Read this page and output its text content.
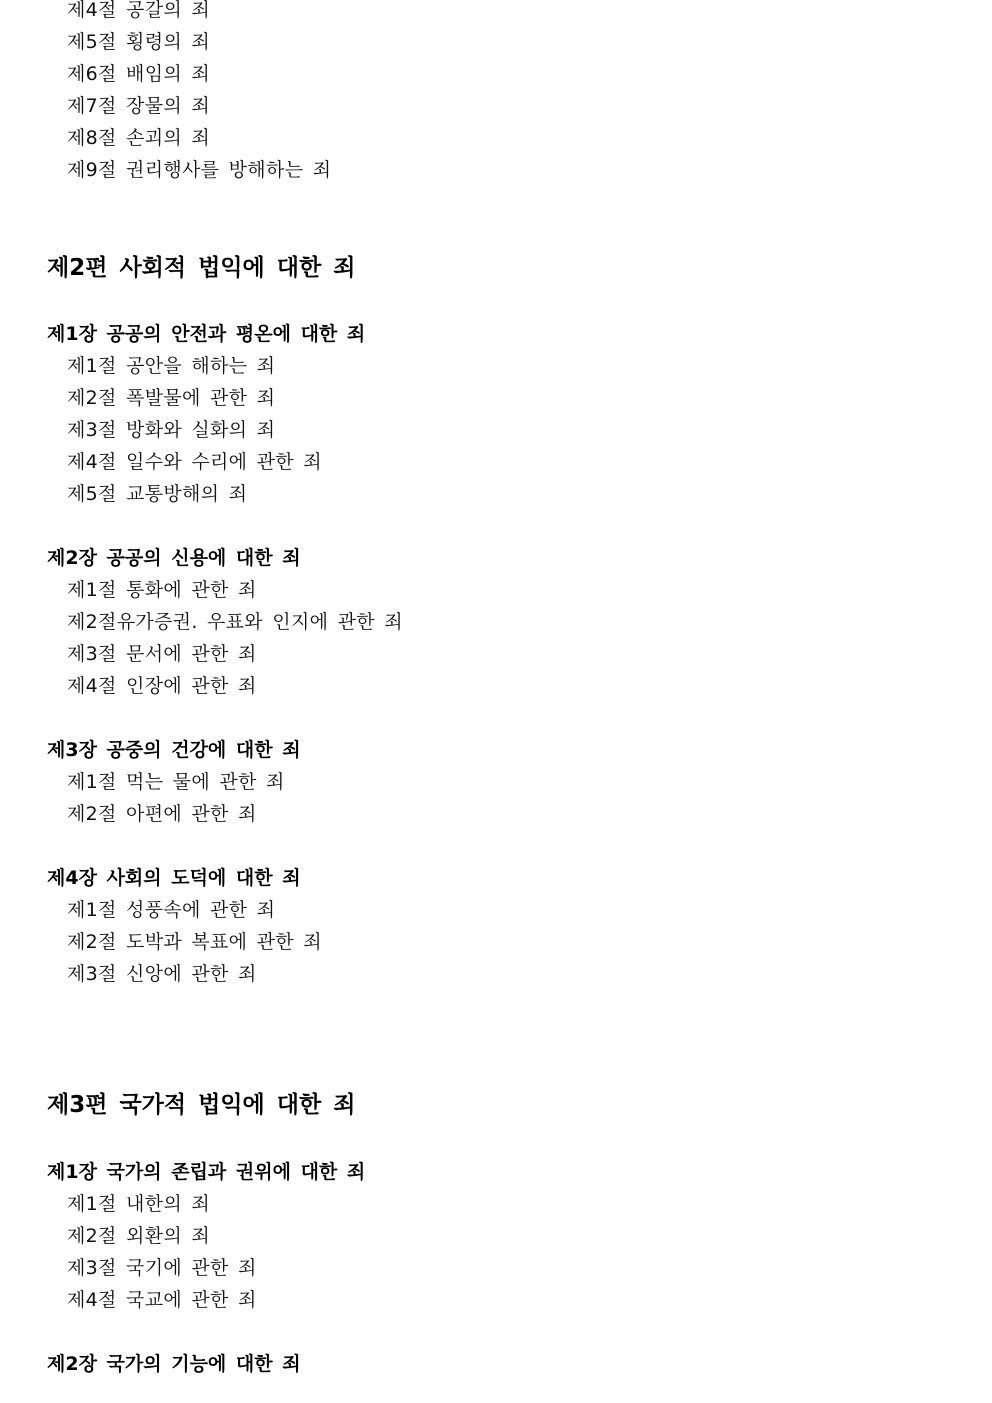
제4절 공갈의 죄
제5절 횡령의 죄
제6절 배임의 죄
제7절 장물의 죄
제8절 손괴의 죄
제9절 권리행사를 방해하는 죄
제2편 사회적 법익에 대한 죄
제1장 공공의 안전과 평온에 대한 죄
제1절 공안을 해하는 죄
제2절 폭발물에 관한 죄
제3절 방화와 실화의 죄
제4절 일수와 수리에 관한 죄
제5절 교통방해의 죄
제2장 공공의 신용에 대한 죄
제1절 통화에 관한 죄
제2절유가증권. 우표와 인지에 관한 죄
제3절 문서에 관한 죄
제4절 인장에 관한 죄
제3장 공중의 건강에 대한 죄
제1절 먹는 물에 관한 죄
제2절 아편에 관한 죄
제4장 사회의 도덕에 대한 죄
제1절 성풍속에 관한 죄
제2절 도박과 복표에 관한 죄
제3절 신앙에 관한 죄
제3편 국가적 법익에 대한 죄
제1장 국가의 존립과 권위에 대한 죄
제1절 내한의 죄
제2절 외환의 죄
제3절 국기에 관한 죄
제4절 국교에 관한 죄
제2장 국가의 기능에 대한 죄
